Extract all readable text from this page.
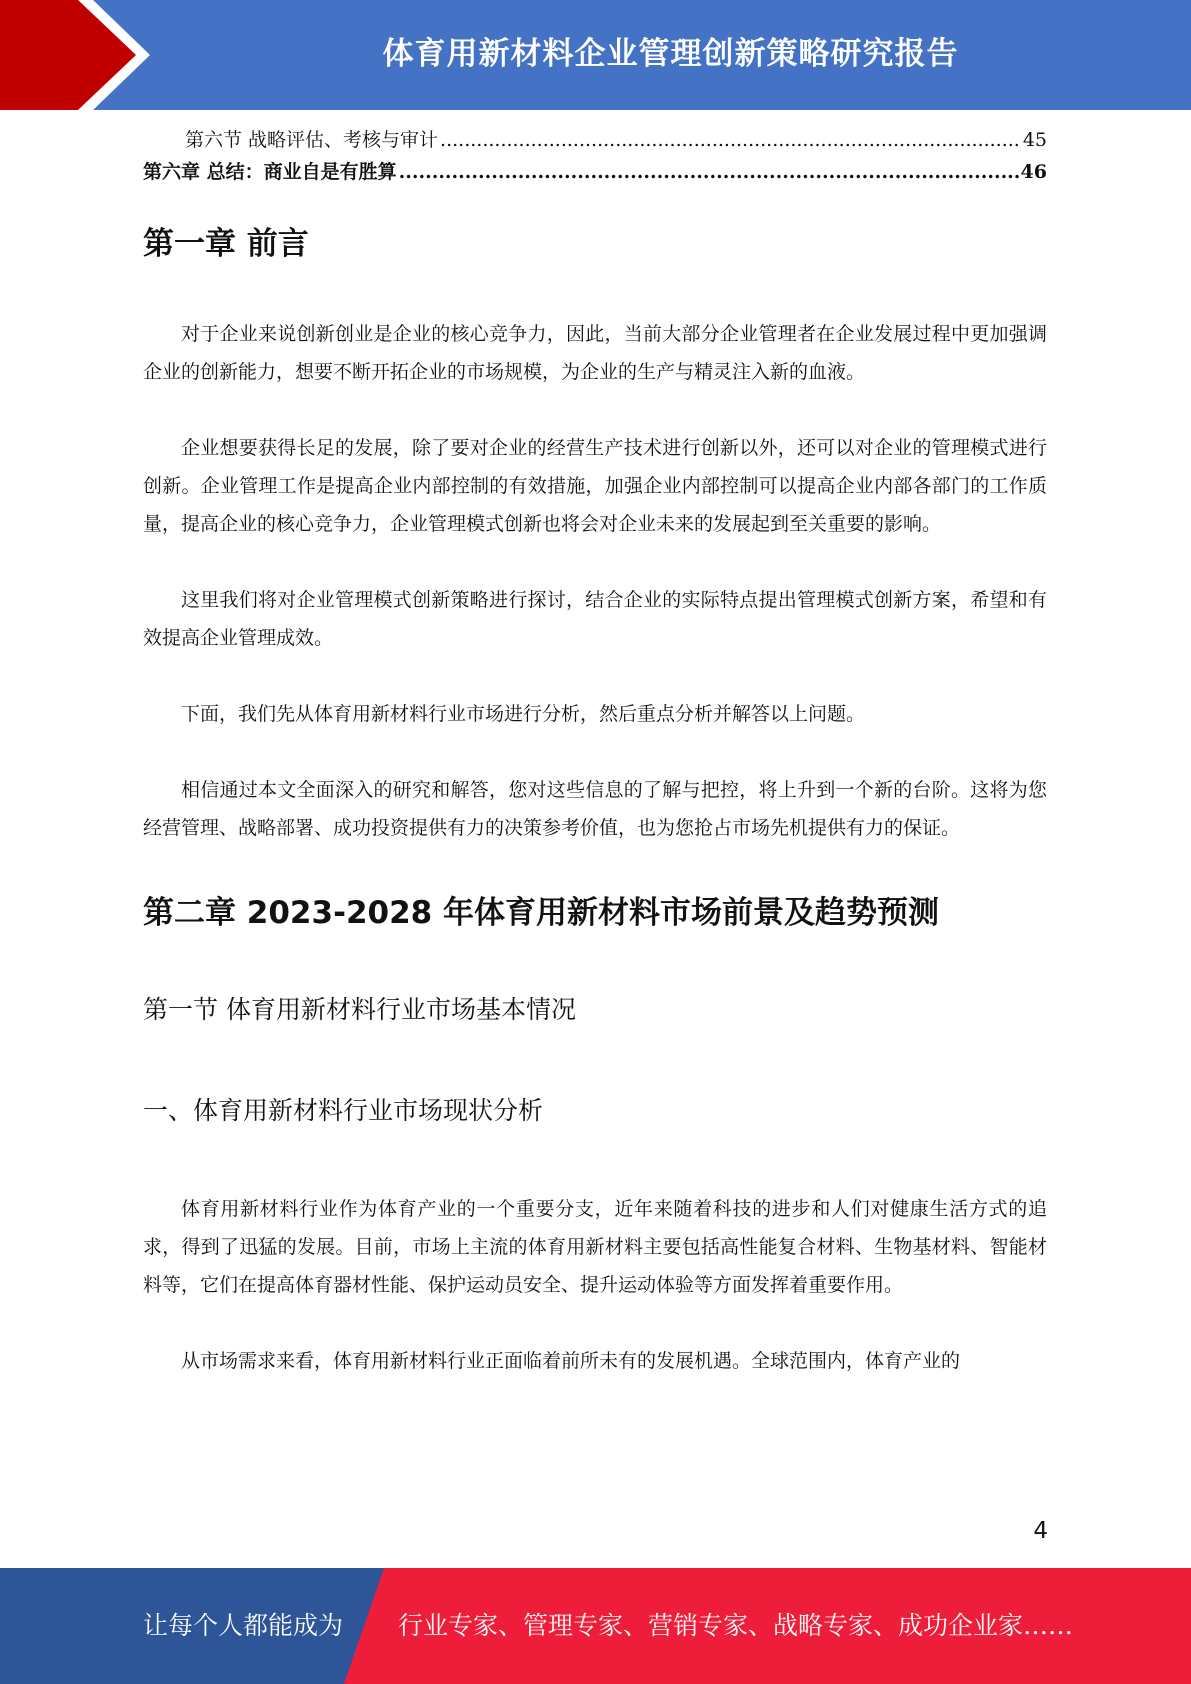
体育用新材料企业管理创新策略研究报告
第六节 战略评估、考核与审计 .....	45
第六章 总结：商业自是有胜算 .....	46
第一章 前言

对于企业来说创新创业是企业的核心竞争力，因此，当前大部分企业管理者在企业发展过程中更加强调企业的创新能力，想要不断开拓企业的市场规模，为企业的生产与精灵注入新的血液。

企业想要获得长足的发展，除了要对企业的经营生产技术进行创新以外，还可以对企业的管理模式进行创新。企业管理工作是提高企业内部控制的有效措施，加强企业内部控制可以提高企业内部各部门的工作质量，提高企业的核心竞争力，企业管理模式创新也将会对企业未来的发展起到至关重要的影响。

这里我们将对企业管理模式创新策略进行探讨，结合企业的实际特点提出管理模式创新方案，希望和有效提高企业管理成效。

下面，我们先从体育用新材料行业市场进行分析，然后重点分析并解答以上问题。

相信通过本文全面深入的研究和解答，您对这些信息的了解与把控，将上升到一个新的台阶。这将为您经营管理、战略部署、成功投资提供有力的决策参考价值，也为您抢占市场先机提供有力的保证。

第二章 2023-2028 年体育用新材料市场前景及趋势预测
第一节 体育用新材料行业市场基本情况
一、体育用新材料行业市场现状分析

体育用新材料行业作为体育产业的一个重要分支，近年来随着科技的进步和人们对健康生活方式的追求，得到了迅猛的发展。目前，市场上主流的体育用新材料主要包括高性能复合材料、生物基材料、智能材料等，它们在提高体育器材性能、保护运动员安全、提升运动体验等方面发挥着重要作用。

从市场需求来看，体育用新材料行业正面临着前所未有的发展机遇。全球范围内，体育产业的

4
让每个人都能成为 行业专家、管理专家、营销专家、战略专家、成功企业家……
